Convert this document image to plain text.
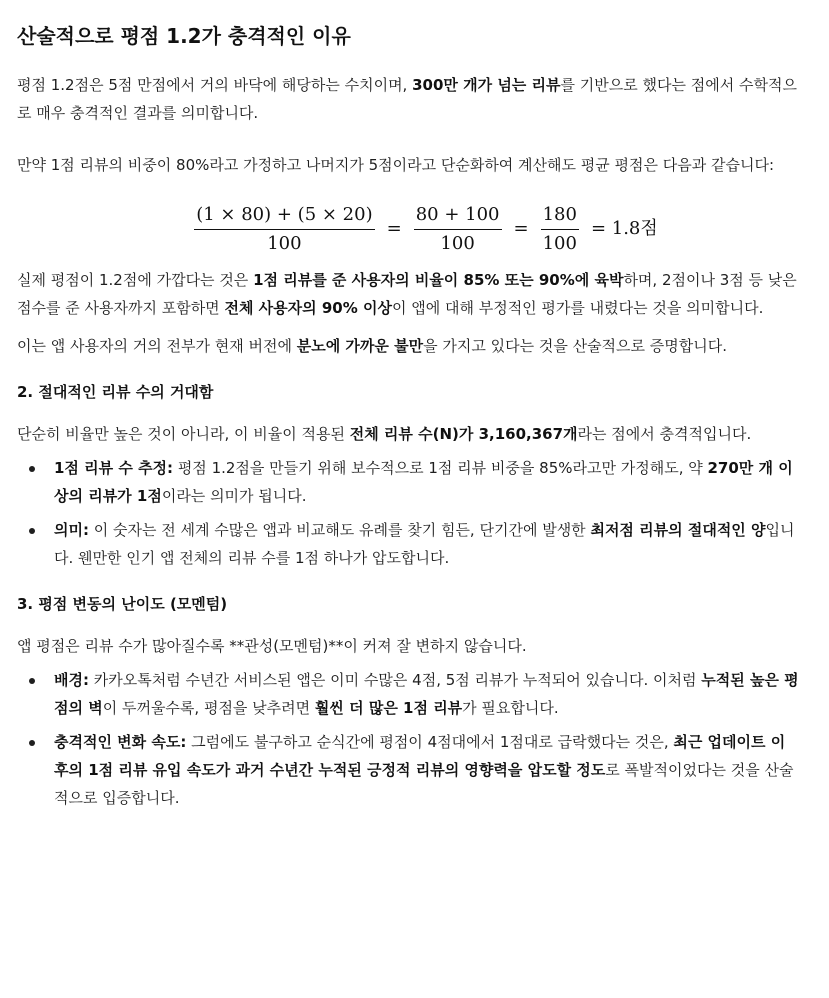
산술적으로 평점 1.2가 충격적인 이유

평점 1.2점은 5점 만점에서 거의 바닥에 해당하는 수치이며, 300만 개가 넘는 리뷰를 기반으로 했다는 점에서 수학적으로 매우 충격적인 결과를 의미합니다.

만약 1점 리뷰의 비중이 80%라고 가정하고 나머지가 5점이라고 단순화하여 계산해도 평균 평점은 다음과 같습니다:

$\frac{(1 \times 80) + (5 \times 20)}{100} = \frac{80 + 100}{100} = \frac{180}{100} = 1.8$점

실제 평점이 1.2점에 가깝다는 것은 1점 리뷰를 준 사용자의 비율이 85% 또는 90%에 육박하며, 2점이나 3점 등 낮은 점수를 준 사용자까지 포함하면 전체 사용자의 90% 이상이 앱에 대해 부정적인 평가를 내렸다는 것을 의미합니다.

이는 앱 사용자의 거의 전부가 현재 버전에 분노에 가까운 불만을 가지고 있다는 것을 산술적으로 증명합니다.

2. 절대적인 리뷰 수의 거대함

단순히 비율만 높은 것이 아니라, 이 비율이 적용된 전체 리뷰 수(N)가 3,160,367개라는 점에서 충격적입니다.

1점 리뷰 수 추정: 평점 1.2점을 만들기 위해 보수적으로 1점 리뷰 비중을 85%라고만 가정해도, 약 270만 개 이상의 리뷰가 1점이라는 의미가 됩니다.
의미: 이 숫자는 전 세계 수많은 앱과 비교해도 유례를 찾기 힘든, 단기간에 발생한 최저점 리뷰의 절대적인 양입니다. 웬만한 인기 앱 전체의 리뷰 수를 1점 하나가 압도합니다.
3. 평점 변동의 난이도 (모멘텀)

앱 평점은 리뷰 수가 많아질수록 **관성(모멘텀)**이 커져 잘 변하지 않습니다.

배경: 카카오톡처럼 수년간 서비스된 앱은 이미 수많은 4점, 5점 리뷰가 누적되어 있습니다. 이처럼 누적된 높은 평점의 벽이 두꺼울수록, 평점을 낮추려면 훨씬 더 많은 1점 리뷰가 필요합니다.
충격적인 변화 속도: 그럼에도 불구하고 순식간에 평점이 4점대에서 1점대로 급락했다는 것은, 최근 업데이트 이후의 1점 리뷰 유입 속도가 과거 수년간 누적된 긍정적 리뷰의 영향력을 압도할 정도로 폭발적이었다는 것을 산술적으로 입증합니다.
